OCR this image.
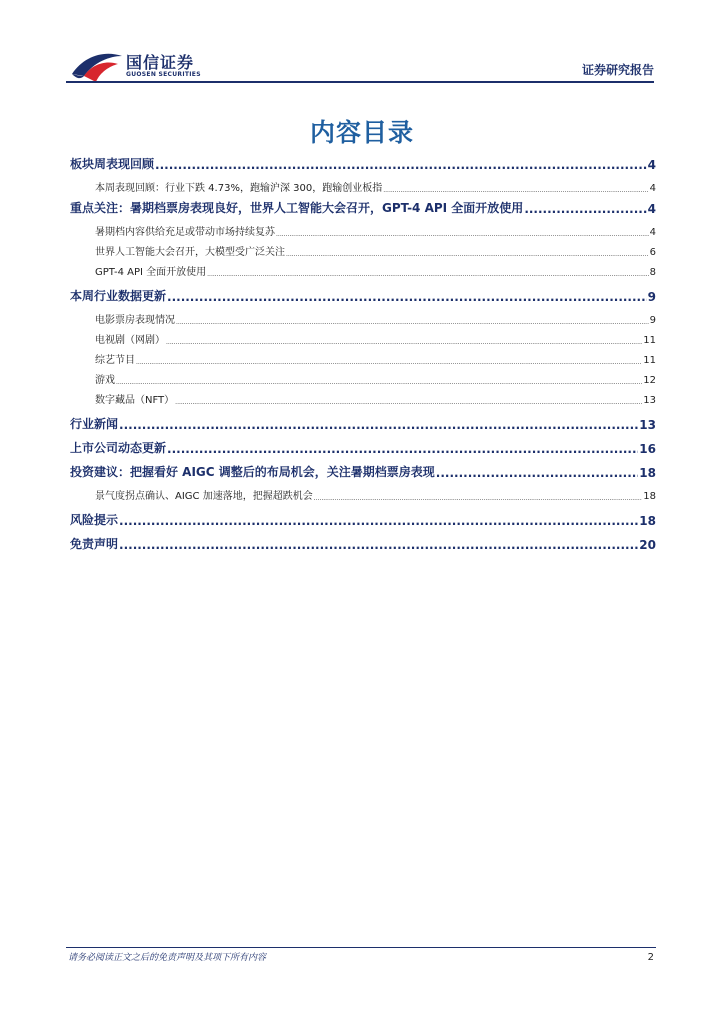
国信证券
GUOSEN SECURITIES	证券研究报告
内容目录
板块周表现回顾 .....	4
本周表现回顾：行业下跌 4.73%，跑输沪深 300，跑输创业板指 .....	4
重点关注：暑期档票房表现良好，世界人工智能大会召开，GPT-4 API 全面开放使用 .....	4
暑期档内容供给充足或带动市场持续复苏 .....	4
世界人工智能大会召开，大模型受广泛关注 .....	6
GPT-4 API 全面开放使用 .....	8
本周行业数据更新 .....	9
电影票房表现情况 .....	9
电视剧（网剧） .....	11
综艺节目 .....	11
游戏 .....	12
数字藏品（NFT） .....	13
行业新闻 .....	13
上市公司动态更新 .....	16
投资建议：把握看好 AIGC 调整后的布局机会，关注暑期档票房表现 .....	18
景气度拐点确认、AIGC 加速落地，把握超跌机会 .....	18
风险提示 .....	18
免责声明 .....	20
请务必阅读正文之后的免责声明及其项下所有内容	2
